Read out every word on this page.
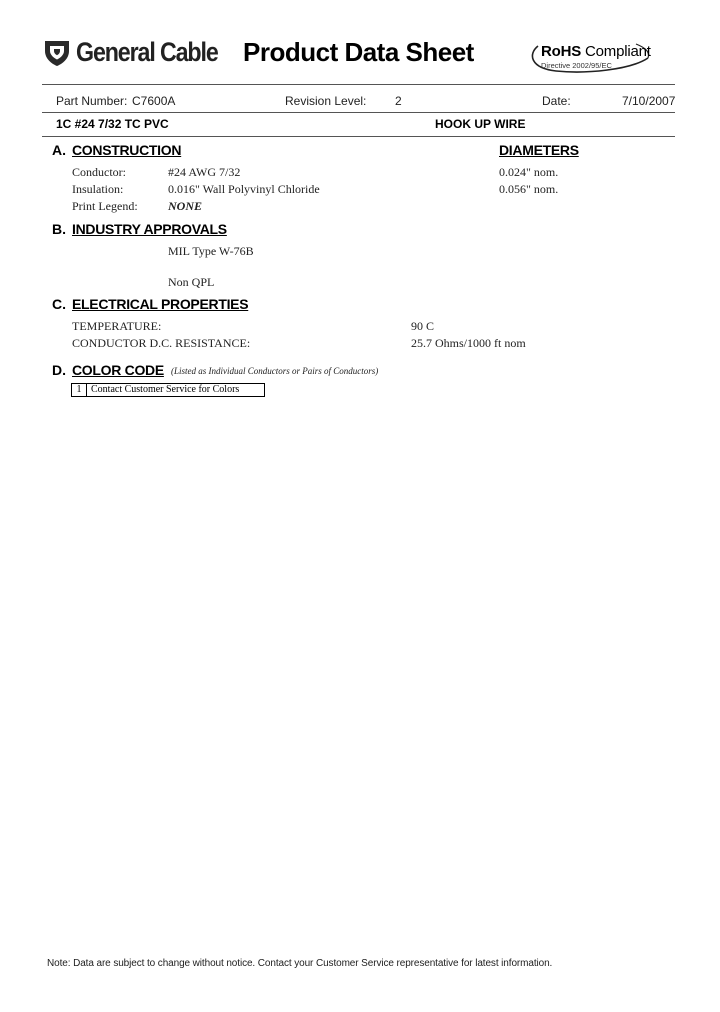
General Cable Product Data Sheet	RoHS Compliant
Directive 2002/95/EC
Part Number: C7600A	Revision Level: 2	Date:	7/10/2007
1C #24 7/32 TC PVC	HOOK UP WIRE
A. CONSTRUCTION	DIAMETERS
Conductor:	#24 AWG 7/32	0.024" nom.
Insulation:	0.016" Wall Polyvinyl Chloride	0.056" nom.
Print Legend:	NONE
B. INDUSTRY APPROVALS
MIL Type W-76B
Non QPL
C. ELECTRICAL PROPERTIES
TEMPERATURE:	90 C
CONDUCTOR D.C. RESISTANCE:	25.7 Ohms/1000 ft nom
D. COLOR CODE (Listed as Individual Conductors or Pairs of Conductors)
1 Contact Customer Service for Colors
Note: Data are subject to change without notice. Contact your Customer Service representative for latest information.
